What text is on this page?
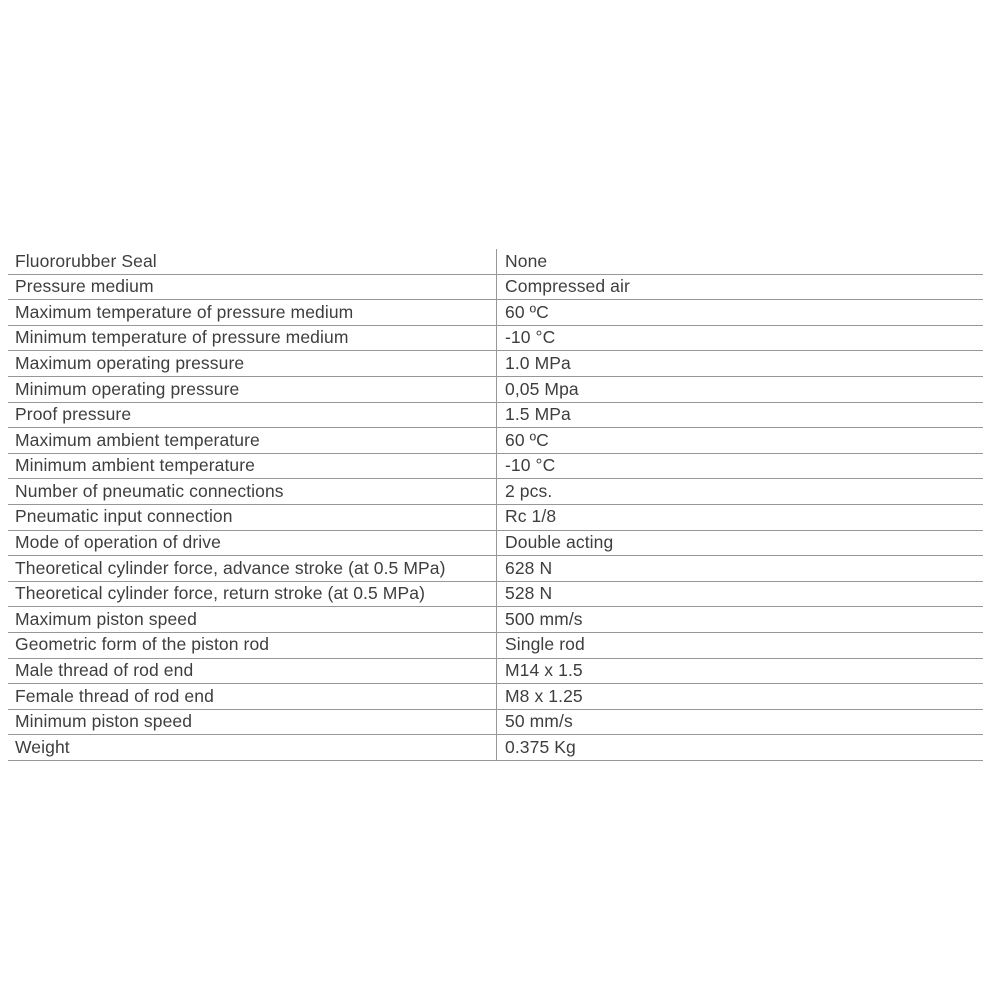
Fluororubber Seal	None
Pressure medium	Compressed air
Maximum temperature of pressure medium	60 ºC
Minimum temperature of pressure medium	-10 °C
Maximum operating pressure	1.0 MPa
Minimum operating pressure	0,05 Mpa
Proof pressure	1.5 MPa
Maximum ambient temperature	60 ºC
Minimum ambient temperature	-10 °C
Number of pneumatic connections	2 pcs.
Pneumatic input connection	Rc 1/8
Mode of operation of drive	Double acting
Theoretical cylinder force, advance stroke (at 0.5 MPa)	628 N
Theoretical cylinder force, return stroke (at 0.5 MPa)	528 N
Maximum piston speed	500 mm/s
Geometric form of the piston rod	Single rod
Male thread of rod end	M14 x 1.5
Female thread of rod end	M8 x 1.25
Minimum piston speed	50 mm/s
Weight	0.375 Kg
